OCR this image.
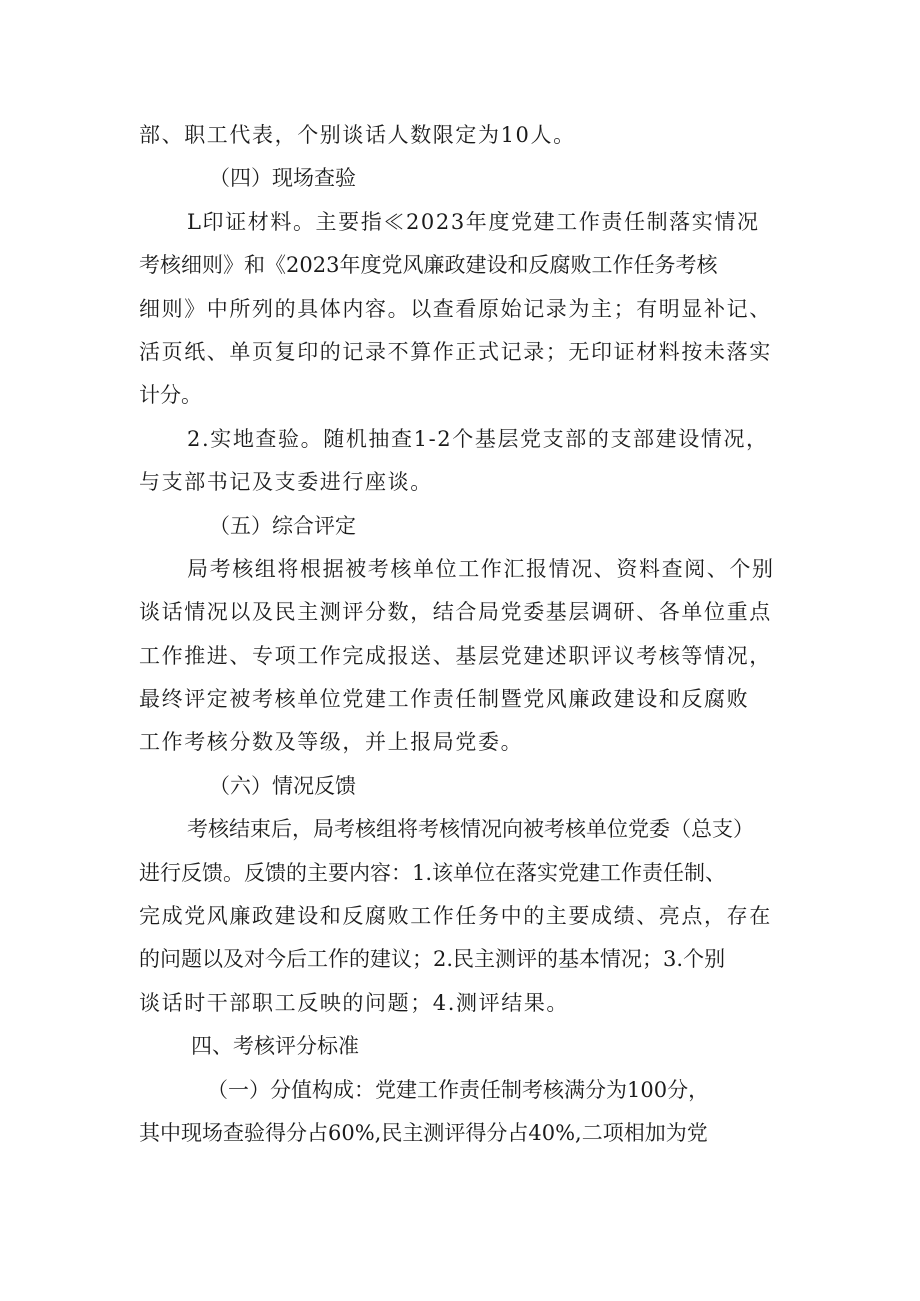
部、职工代表，个别谈话人数限定为10人。
（四）现场查验
L印证材料。主要指≪2023年度党建工作责任制落实情况
考核细则》和《2023年度党风廉政建设和反腐败工作任务考核
细则》中所列的具体内容。以查看原始记录为主；有明显补记、
活页纸、单页复印的记录不算作正式记录；无印证材料按未落实
计分。
2.实地查验。随机抽查1-2个基层党支部的支部建设情况，
与支部书记及支委进行座谈。
（五）综合评定
局考核组将根据被考核单位工作汇报情况、资料查阅、个别
谈话情况以及民主测评分数，结合局党委基层调研、各单位重点
工作推进、专项工作完成报送、基层党建述职评议考核等情况，
最终评定被考核单位党建工作责任制暨党风廉政建设和反腐败
工作考核分数及等级，并上报局党委。
（六）情况反馈
考核结束后，局考核组将考核情况向被考核单位党委（总支）
进行反馈。反馈的主要内容：1.该单位在落实党建工作责任制、
完成党风廉政建设和反腐败工作任务中的主要成绩、亮点，存在
的问题以及对今后工作的建议；2.民主测评的基本情况；3.个别
谈话时干部职工反映的问题；4.测评结果。
四、考核评分标准
（一）分值构成：党建工作责任制考核满分为100分，
其中现场查验得分占60%,民主测评得分占40%,二项相加为党
